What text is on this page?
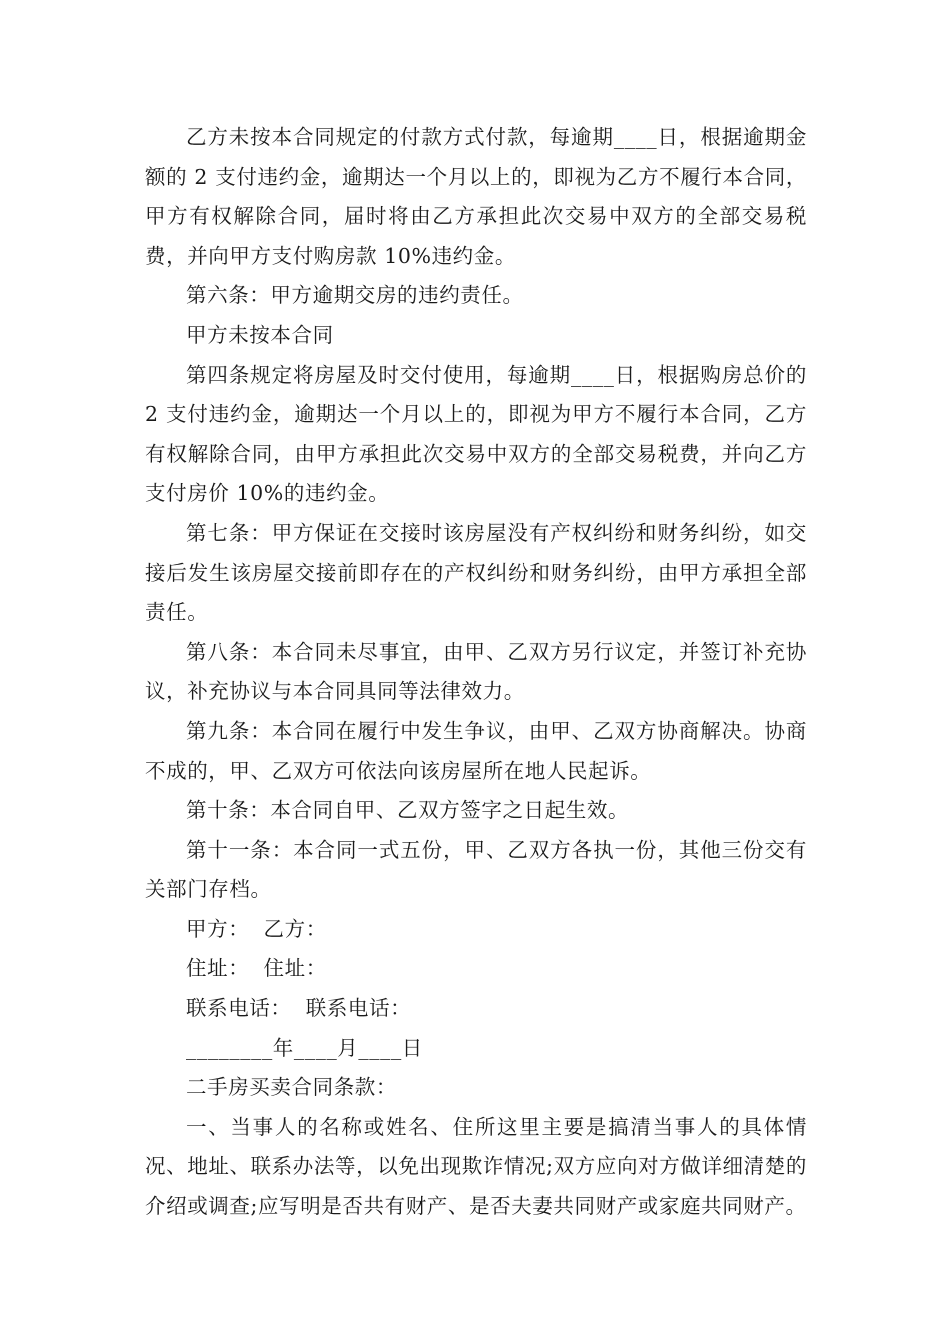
乙方未按本合同规定的付款方式付款，每逾期____日，根据逾期金额的 2 支付违约金，逾期达一个月以上的，即视为乙方不履行本合同，甲方有权解除合同，届时将由乙方承担此次交易中双方的全部交易税费，并向甲方支付购房款 10%违约金。

第六条：甲方逾期交房的违约责任。

甲方未按本合同

第四条规定将房屋及时交付使用，每逾期____日，根据购房总价的 2 支付违约金，逾期达一个月以上的，即视为甲方不履行本合同，乙方有权解除合同，由甲方承担此次交易中双方的全部交易税费，并向乙方支付房价 10%的违约金。

第七条：甲方保证在交接时该房屋没有产权纠纷和财务纠纷，如交接后发生该房屋交接前即存在的产权纠纷和财务纠纷，由甲方承担全部责任。

第八条：本合同未尽事宜，由甲、乙双方另行议定，并签订补充协议，补充协议与本合同具同等法律效力。

第九条：本合同在履行中发生争议，由甲、乙双方协商解决。协商不成的，甲、乙双方可依法向该房屋所在地人民起诉。

第十条：本合同自甲、乙双方签字之日起生效。

第十一条：本合同一式五份，甲、乙双方各执一份，其他三份交有关部门存档。

甲方：  乙方：

住址：  住址：

联系电话：  联系电话：

________年____月____日

二手房买卖合同条款：

一、当事人的名称或姓名、住所这里主要是搞清当事人的具体情况、地址、联系办法等，以免出现欺诈情况;双方应向对方做详细清楚的介绍或调查;应写明是否共有财产、是否夫妻共同财产或家庭共同财产。
